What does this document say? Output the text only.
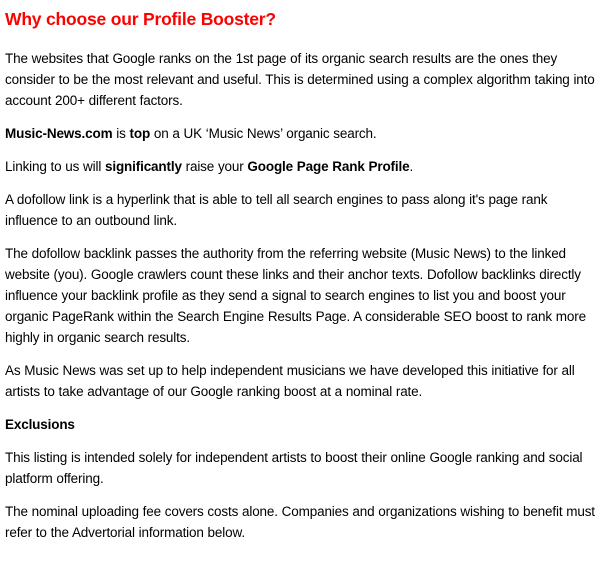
Why choose our Profile Booster?

The websites that Google ranks on the 1st page of its organic search results are the ones they consider to be the most relevant and useful. This is determined using a complex algorithm taking into account 200+ different factors.

Music-News.com is top on a UK ‘Music News’ organic search.

Linking to us will significantly raise your Google Page Rank Profile.

A dofollow link is a hyperlink that is able to tell all search engines to pass along it's page rank influence to an outbound link.

The dofollow backlink passes the authority from the referring website (Music News) to the linked website (you). Google crawlers count these links and their anchor texts. Dofollow backlinks directly influence your backlink profile as they send a signal to search engines to list you and boost your organic PageRank within the Search Engine Results Page. A considerable SEO boost to rank more highly in organic search results.

As Music News was set up to help independent musicians we have developed this initiative for all artists to take advantage of our Google ranking boost at a nominal rate.

Exclusions

This listing is intended solely for independent artists to boost their online Google ranking and social platform offering.

The nominal uploading fee covers costs alone. Companies and organizations wishing to benefit must refer to the Advertorial information below.
